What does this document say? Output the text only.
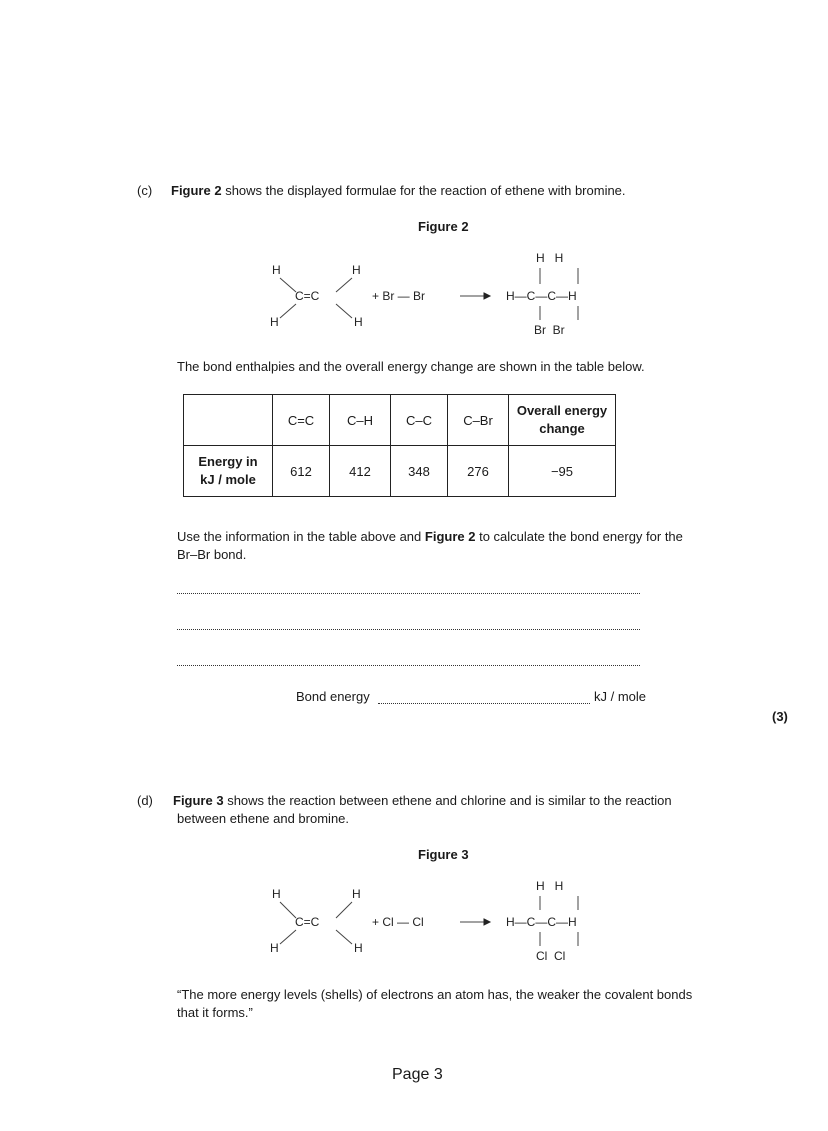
(c) Figure 2 shows the displayed formulae for the reaction of ethene with bromine.
Figure 2
H	H
H	H
C=C	+ Br — Br
H   H
H—C—C—H
Br  Br
The bond enthalpies and the overall energy change are shown in the table below.
	C=C	C–H	C–C	C–Br	Overall energy change
Energy in
kJ / mole	612	412	348	276	−95
Use the information in the table above and Figure 2 to calculate the bond energy for the
Br–Br bond.
Bond energy	kJ / mole
(3)
(d) Figure 3 shows the reaction between ethene and chlorine and is similar to the reaction
between ethene and bromine.
Figure 3
H	H
H	H
C=C	+ Cl — Cl
H   H
H—C—C—H
Cl  Cl
“The more energy levels (shells) of electrons an atom has, the weaker the covalent bonds
that it forms.”
Page 3
